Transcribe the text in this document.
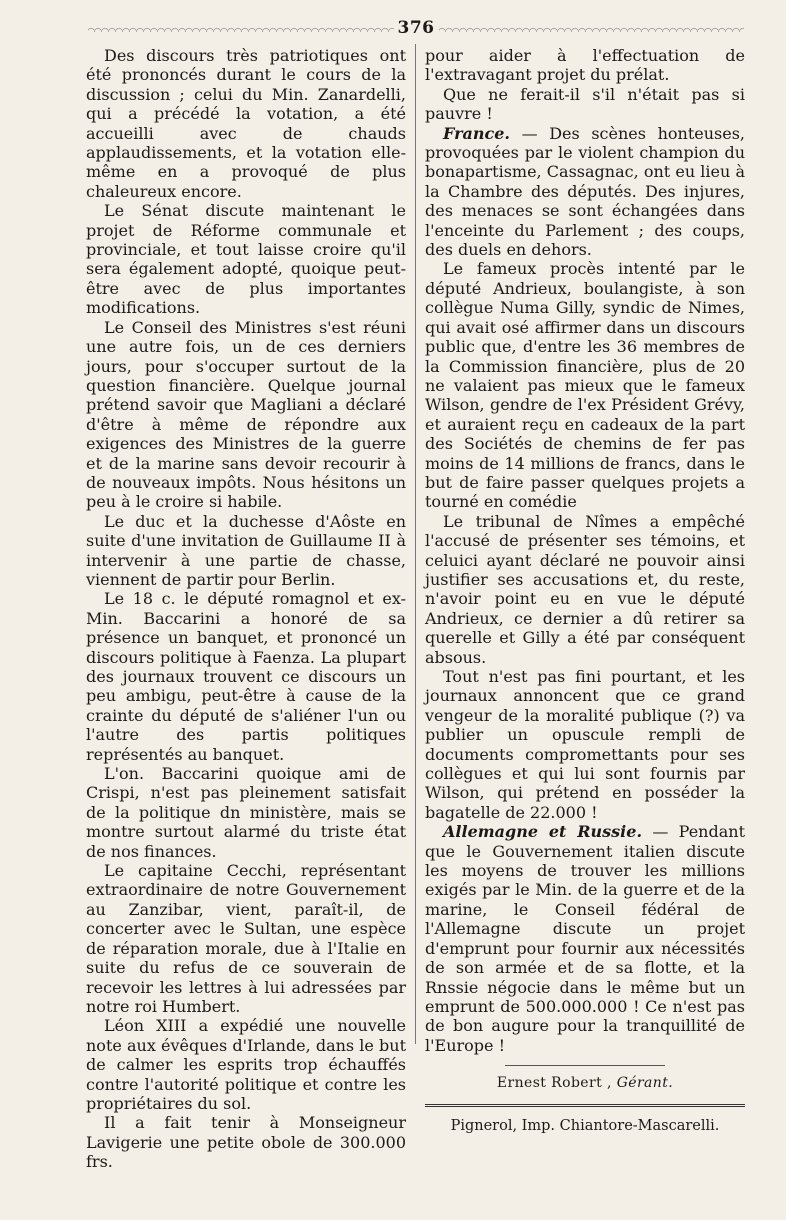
376

Des discours très patriotiques ont été prononcés durant le cours de la discussion ; celui du Min. Zanardelli, qui a précédé la votation, a été accueilli avec de chauds applaudissements, et la votation elle-même en a provoqué de plus chaleureux encore.

Le Sénat discute maintenant le projet de Réforme communale et provinciale, et tout laisse croire qu'il sera également adopté, quoique peut-être avec de plus importantes modifications.

Le Conseil des Ministres s'est réuni une autre fois, un de ces derniers jours, pour s'occuper surtout de la question financière. Quelque journal prétend savoir que Magliani a déclaré d'être à même de répondre aux exigences des Ministres de la guerre et de la marine sans devoir recourir à de nouveaux impôts. Nous hésitons un peu à le croire si habile.

Le duc et la duchesse d'Aôste en suite d'une invitation de Guillaume II à intervenir à une partie de chasse, viennent de partir pour Berlin.

Le 18 c. le député romagnol et ex-Min. Baccarini a honoré de sa présence un banquet, et prononcé un discours politique à Faenza. La plupart des journaux trouvent ce discours un peu ambigu, peut-être à cause de la crainte du député de s'aliéner l'un ou l'autre des partis politiques représentés au banquet.

L'on. Baccarini quoique ami de Crispi, n'est pas pleinement satisfait de la politique dn ministère, mais se montre surtout alarmé du triste état de nos finances.

Le capitaine Cecchi, représentant extraordinaire de notre Gouvernement au Zanzibar, vient, paraît-il, de concerter avec le Sultan, une espèce de réparation morale, due à l'Italie en suite du refus de ce souverain de recevoir les lettres à lui adressées par notre roi Humbert.

Léon XIII a expédié une nouvelle note aux évêques d'Irlande, dans le but de calmer les esprits trop échauffés contre l'autorité politique et contre les propriétaires du sol.

Il a fait tenir à Monseigneur Lavigerie une petite obole de 300.000 frs.

pour aider à l'effectuation de l'extravagant projet du prélat.

Que ne ferait-il s'il n'était pas si pauvre !

France. — Des scènes honteuses, provoquées par le violent champion du bonapartisme, Cassagnac, ont eu lieu à la Chambre des députés. Des injures, des menaces se sont échangées dans l'enceinte du Parlement ; des coups, des duels en dehors.

Le fameux procès intenté par le député Andrieux, boulangiste, à son collègue Numa Gilly, syndic de Nimes, qui avait osé affirmer dans un discours public que, d'entre les 36 membres de la Commission financière, plus de 20 ne valaient pas mieux que le fameux Wilson, gendre de l'ex Président Grévy, et auraient reçu en cadeaux de la part des Sociétés de chemins de fer pas moins de 14 millions de francs, dans le but de faire passer quelques projets a tourné en comédie

Le tribunal de Nîmes a empêché l'accusé de présenter ses témoins, et celuici ayant déclaré ne pouvoir ainsi justifier ses accusations et, du reste, n'avoir point eu en vue le député Andrieux, ce dernier a dû retirer sa querelle et Gilly a été par conséquent absous.

Tout n'est pas fini pourtant, et les journaux annoncent que ce grand vengeur de la moralité publique (?) va publier un opuscule rempli de documents compromettants pour ses collègues et qui lui sont fournis par Wilson, qui prétend en posséder la bagatelle de 22.000 !

Allemagne et Russie. — Pendant que le Gouvernement italien discute les moyens de trouver les millions exigés par le Min. de la guerre et de la marine, le Conseil fédéral de l'Allemagne discute un projet d'emprunt pour fournir aux nécessités de son armée et de sa flotte, et la Rnssie négocie dans le même but un emprunt de 500.000.000 ! Ce n'est pas de bon augure pour la tranquillité de l'Europe !

Ernest Robert , Gérant.

Pignerol, Imp. Chiantore-Mascarelli.
